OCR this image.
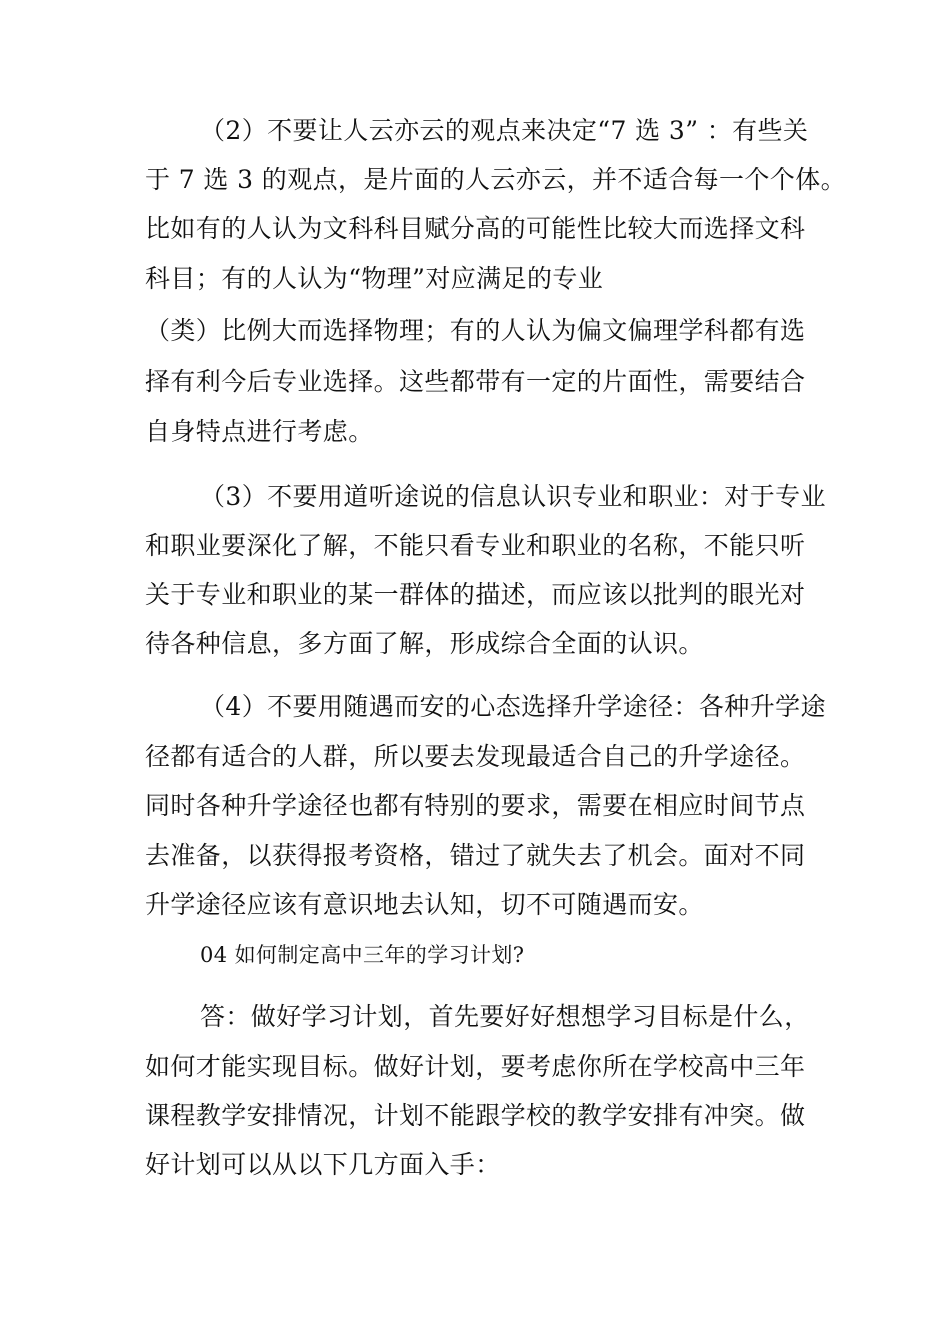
（2）不要让人云亦云的观点来决定“7 选 3” ：有些关
于 7 选 3 的观点，是片面的人云亦云，并不适合每一个个体。
比如有的人认为文科科目赋分高的可能性比较大而选择文科
科目；有的人认为“物理”对应满足的专业
（类）比例大而选择物理；有的人认为偏文偏理学科都有选
择有利今后专业选择。这些都带有一定的片面性，需要结合
自身特点进行考虑。
（3）不要用道听途说的信息认识专业和职业：对于专业
和职业要深化了解，不能只看专业和职业的名称，不能只听
关于专业和职业的某一群体的描述，而应该以批判的眼光对
待各种信息，多方面了解，形成综合全面的认识。
（4）不要用随遇而安的心态选择升学途径：各种升学途
径都有适合的人群，所以要去发现最适合自己的升学途径。
同时各种升学途径也都有特别的要求，需要在相应时间节点
去准备，以获得报考资格，错过了就失去了机会。面对不同
升学途径应该有意识地去认知，切不可随遇而安。
04 如何制定高中三年的学习计划?
答：做好学习计划，首先要好好想想学习目标是什么，
如何才能实现目标。做好计划，要考虑你所在学校高中三年
课程教学安排情况，计划不能跟学校的教学安排有冲突。做
好计划可以从以下几方面入手：
